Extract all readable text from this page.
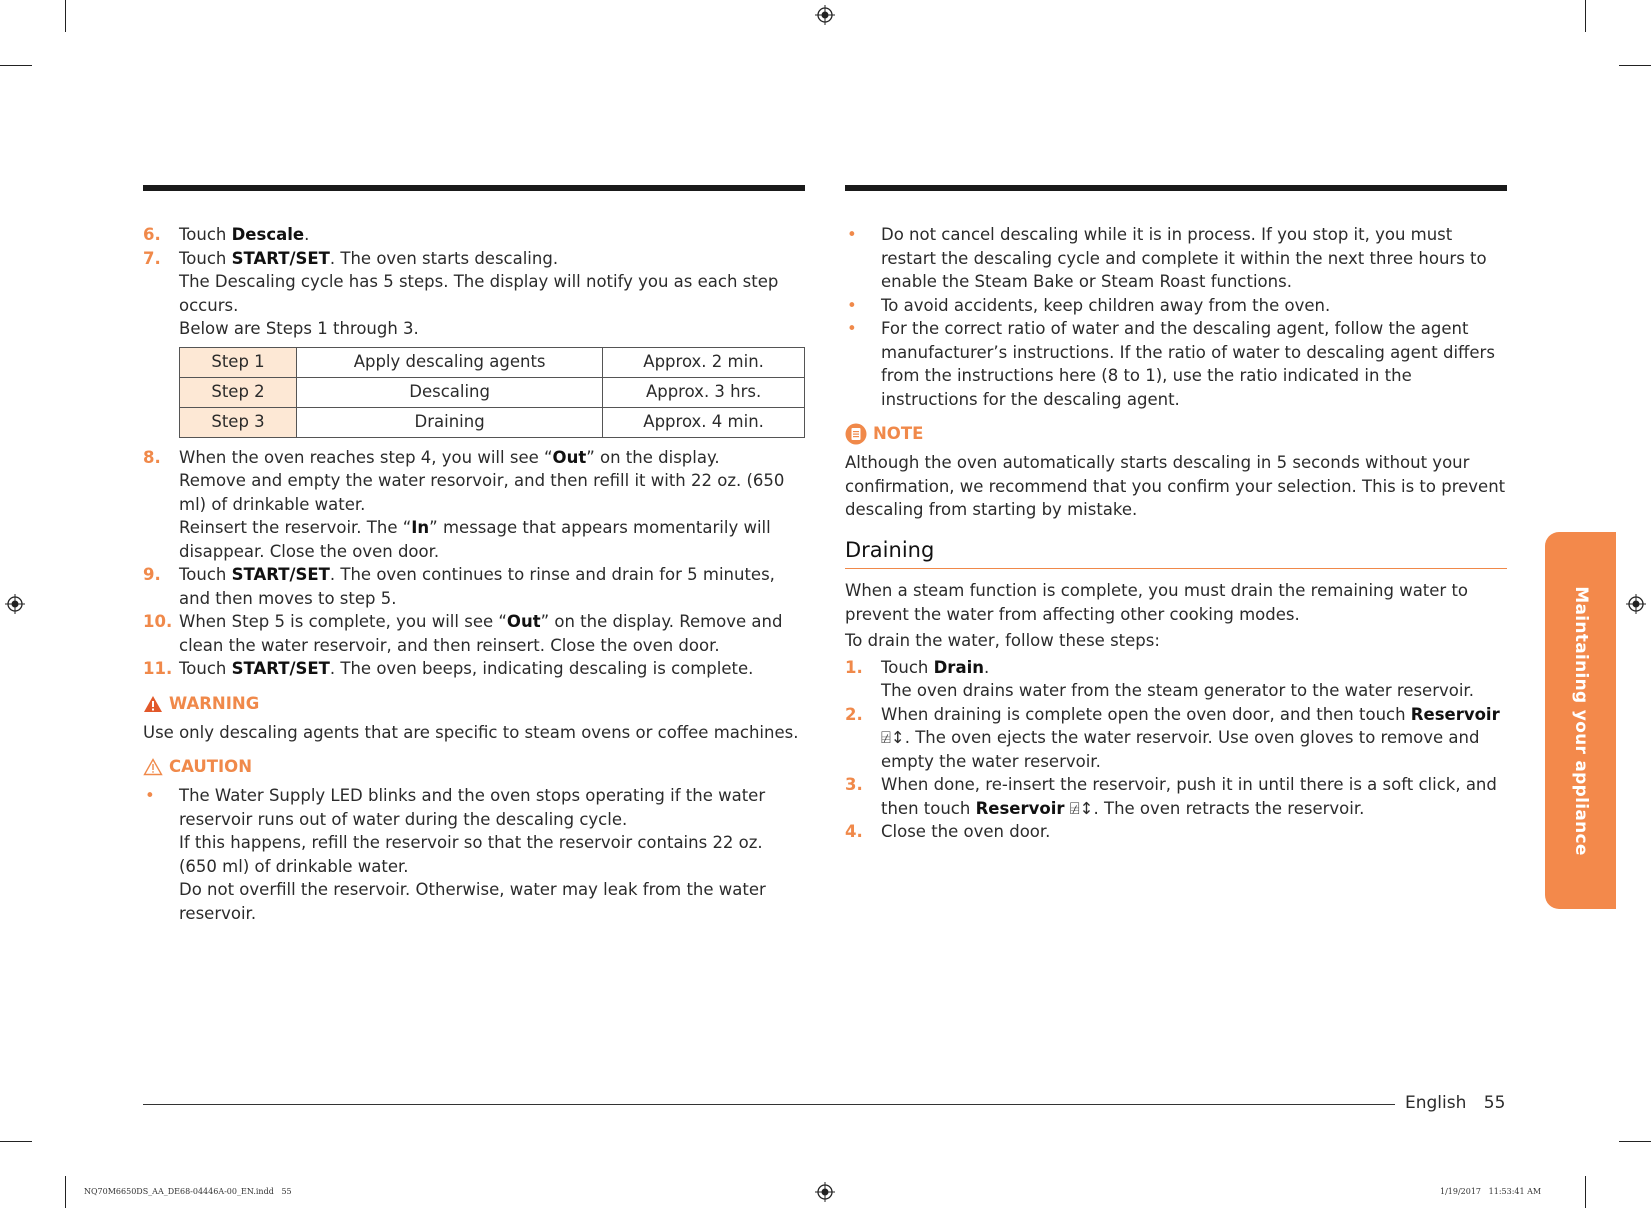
6. Touch Descale.

7. Touch START/SET. The oven starts descaling.

The Descaling cycle has 5 steps. The display will notify you as each step occurs.

Below are Steps 1 through 3.

Step 1	Apply descaling agents	Approx. 2 min.
Step 2	Descaling	Approx. 3 hrs.
Step 3	Draining	Approx. 4 min.
8. When the oven reaches step 4, you will see “Out” on the display.

Remove and empty the water resorvoir, and then refill it with 22 oz. (650 ml) of drinkable water.

Reinsert the reservoir. The “In” message that appears momentarily will disappear. Close the oven door.

9. Touch START/SET. The oven continues to rinse and drain for 5 minutes, and then moves to step 5.

10. When Step 5 is complete, you will see “Out” on the display. Remove and clean the water reservoir, and then reinsert. Close the oven door.

11. Touch START/SET. The oven beeps, indicating descaling is complete.

WARNING

Use only descaling agents that are specific to steam ovens or coffee machines.

CAUTION

• The Water Supply LED blinks and the oven stops operating if the water reservoir runs out of water during the descaling cycle.

If this happens, refill the reservoir so that the reservoir contains 22 oz. (650 ml) of drinkable water.

Do not overfill the reservoir. Otherwise, water may leak from the water reservoir.

• Do not cancel descaling while it is in process. If you stop it, you must restart the descaling cycle and complete it within the next three hours to enable the Steam Bake or Steam Roast functions.

• To avoid accidents, keep children away from the oven.

• For the correct ratio of water and the descaling agent, follow the agent manufacturer’s instructions. If the ratio of water to descaling agent differs from the instructions here (8 to 1), use the ratio indicated in the instructions for the descaling agent.

NOTE

Although the oven automatically starts descaling in 5 seconds without your confirmation, we recommend that you confirm your selection. This is to prevent descaling from starting by mistake.

Draining

When a steam function is complete, you must drain the remaining water to prevent the water from affecting other cooking modes.

To drain the water, follow these steps:

1. Touch Drain.

The oven drains water from the steam generator to the water reservoir.

2. When draining is complete open the oven door, and then touch Reservoir ⍯↕. The oven ejects the water reservoir. Use oven gloves to remove and empty the water reservoir.

3. When done, re-insert the reservoir, push it in until there is a soft click, and then touch Reservoir ⍯↕. The oven retracts the reservoir.

4. Close the oven door.	Maintaining your appliance
English 55
NQ70M6650DS_AA_DE68-04446A-00_EN.indd   55	1/19/2017   11:53:41 AM
